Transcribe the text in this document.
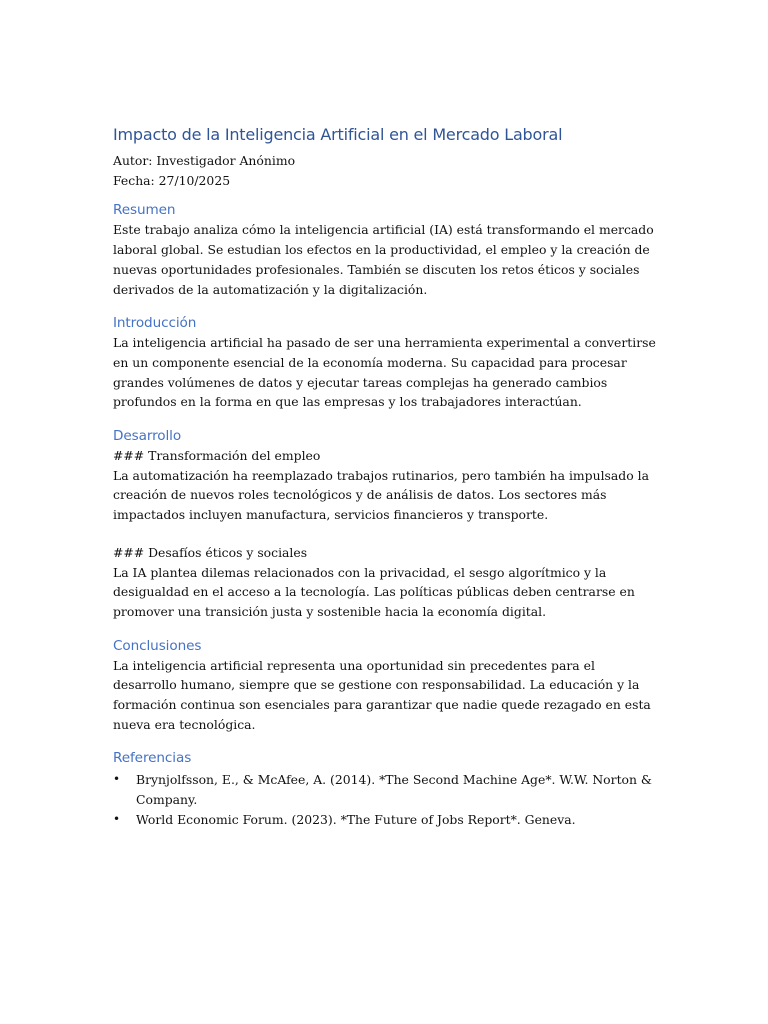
Impacto de la Inteligencia Artificial en el Mercado Laboral
Autor: Investigador Anónimo
Fecha: 27/10/2025
Resumen

Este trabajo analiza cómo la inteligencia artificial (IA) está transformando el mercado laboral global. Se estudian los efectos en la productividad, el empleo y la creación de nuevas oportunidades profesionales. También se discuten los retos éticos y sociales derivados de la automatización y la digitalización.

Introducción

La inteligencia artificial ha pasado de ser una herramienta experimental a convertirse en un componente esencial de la economía moderna. Su capacidad para procesar grandes volúmenes de datos y ejecutar tareas complejas ha generado cambios profundos en la forma en que las empresas y los trabajadores interactúan.

Desarrollo
### Transformación del empleo

La automatización ha reemplazado trabajos rutinarios, pero también ha impulsado la creación de nuevos roles tecnológicos y de análisis de datos. Los sectores más impactados incluyen manufactura, servicios financieros y transporte.

### Desafíos éticos y sociales

La IA plantea dilemas relacionados con la privacidad, el sesgo algorítmico y la desigualdad en el acceso a la tecnología. Las políticas públicas deben centrarse en promover una transición justa y sostenible hacia la economía digital.

Conclusiones

La inteligencia artificial representa una oportunidad sin precedentes para el desarrollo humano, siempre que se gestione con responsabilidad. La educación y la formación continua son esenciales para garantizar que nadie quede rezagado en esta nueva era tecnológica.

Referencias
• Brynjolfsson, E., & McAfee, A. (2014). *The Second Machine Age*. W.W. Norton & Company.
• World Economic Forum. (2023). *The Future of Jobs Report*. Geneva.
